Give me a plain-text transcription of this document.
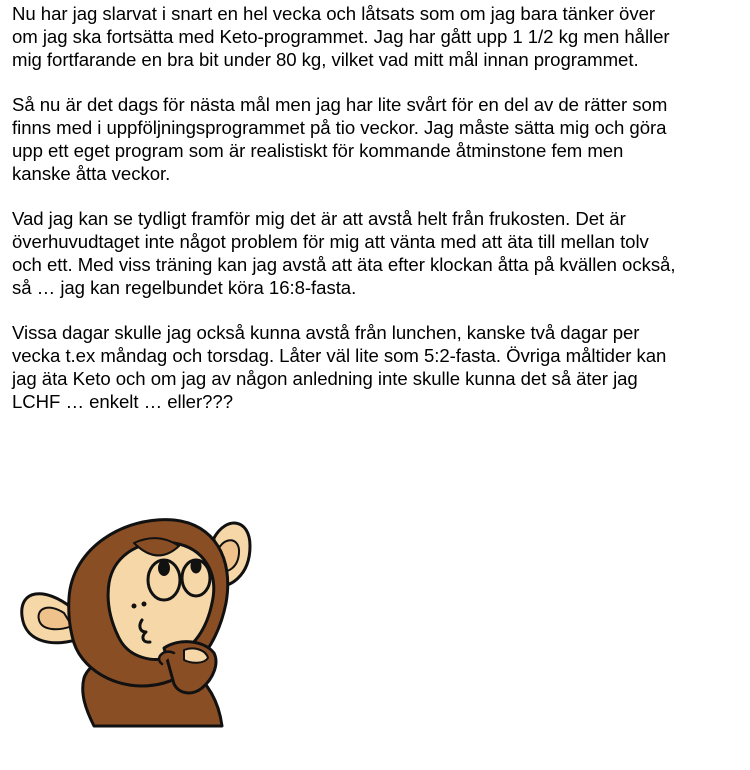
Nu har jag slarvat i snart en hel vecka och låtsats som om jag bara tänker över
om jag ska fortsätta med Keto-programmet. Jag har gått upp 1 1/2 kg men håller
mig fortfarande en bra bit under 80 kg, vilket vad mitt mål innan programmet.

Så nu är det dags för nästa mål men jag har lite svårt för en del av de rätter som
finns med i uppföljningsprogrammet på tio veckor. Jag måste sätta mig och göra
upp ett eget program som är realistiskt för kommande åtminstone fem men
kanske åtta veckor.

Vad jag kan se tydligt framför mig det är att avstå helt från frukosten. Det är
överhuvudtaget inte något problem för mig att vänta med att äta till mellan tolv
och ett. Med viss träning kan jag avstå att äta efter klockan åtta på kvällen också,
så … jag kan regelbundet köra 16:8-fasta.

Vissa dagar skulle jag också kunna avstå från lunchen, kanske två dagar per
vecka t.ex måndag och torsdag. Låter väl lite som 5:2-fasta. Övriga måltider kan
jag äta Keto och om jag av någon anledning inte skulle kunna det så äter jag
LCHF … enkelt … eller???
